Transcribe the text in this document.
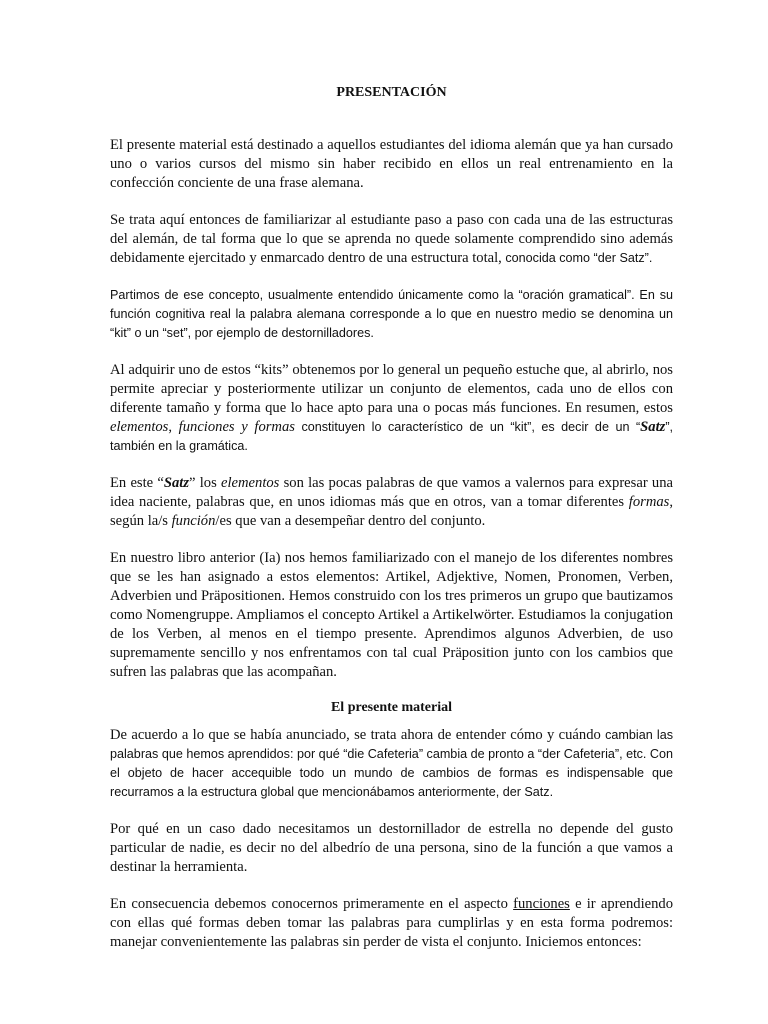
PRESENTACIÓN

El presente material está destinado a aquellos estudiantes del idioma alemán que ya han cursado uno o varios cursos del mismo sin haber recibido en ellos un real entrenamiento en la confección conciente de una frase alemana.

Se trata aquí entonces de familiarizar al estudiante paso a paso con cada una de las estructuras del alemán, de tal forma que lo que se aprenda no quede solamente comprendido sino además debidamente ejercitado y enmarcado dentro de una estructura total, conocida como “der Satz”.

Partimos de ese concepto, usualmente entendido únicamente como la “oración gramatical”. En su función cognitiva real la palabra alemana corresponde a lo que en nuestro medio se denomina un “kit” o un “set”, por ejemplo de destornilladores.

Al adquirir uno de estos “kits” obtenemos por lo general un pequeño estuche que, al abrirlo, nos permite apreciar y posteriormente utilizar un conjunto de elementos, cada uno de ellos con diferente tamaño y forma que lo hace apto para una o pocas más funciones. En resumen, estos elementos, funciones y formas constituyen lo característico de un “kit”, es decir de un “Satz”, también en la gramática.

En este “Satz” los elementos son las pocas palabras de que vamos a valernos para expresar una idea naciente, palabras que, en unos idiomas más que en otros, van a tomar diferentes formas, según la/s función/es que van a desempeñar dentro del conjunto.

En nuestro libro anterior (Ia) nos hemos familiarizado con el manejo de los diferentes nombres que se les han asignado a estos elementos: Artikel, Adjektive, Nomen, Pronomen, Verben, Adverbien und Präpositionen. Hemos construido con los tres primeros un grupo que bautizamos como Nomengruppe. Ampliamos el concepto Artikel a Artikelwörter. Estudiamos la conjugation de los Verben, al menos en el tiempo presente. Aprendimos algunos Adverbien, de uso supremamente sencillo y nos enfrentamos con tal cual Präposition junto con los cambios que sufren las palabras que las acompañan.

El presente material

De acuerdo a lo que se había anunciado, se trata ahora de entender cómo y cuándo cambian las palabras que hemos aprendidos: por qué “die Cafeteria” cambia de pronto a “der Cafeteria”, etc. Con el objeto de hacer accequible todo un mundo de cambios de formas es indispensable que recurramos a la estructura global que mencionábamos anteriormente, der Satz.

Por qué en un caso dado necesitamos un destornillador de estrella no depende del gusto particular de nadie, es decir no del albedrío de una persona, sino de la función a que vamos a destinar la herramienta.

En consecuencia debemos conocernos primeramente en el aspecto funciones e ir aprendiendo con ellas qué formas deben tomar las palabras para cumplirlas y en esta forma podremos: manejar convenientemente las palabras sin perder de vista el conjunto. Iniciemos entonces:
